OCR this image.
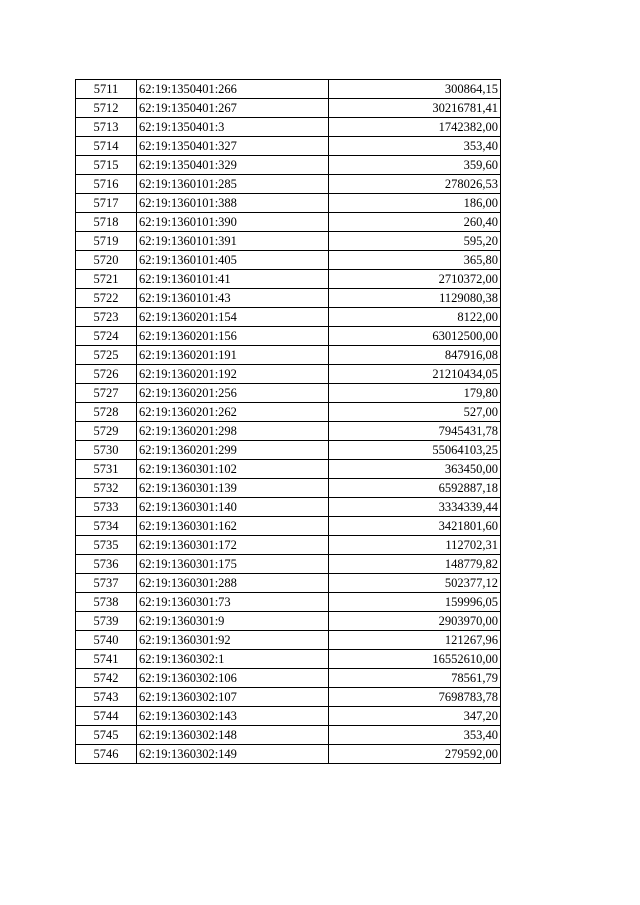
5711	62:19:1350401:266	300864,15
5712	62:19:1350401:267	30216781,41
5713	62:19:1350401:3	1742382,00
5714	62:19:1350401:327	353,40
5715	62:19:1350401:329	359,60
5716	62:19:1360101:285	278026,53
5717	62:19:1360101:388	186,00
5718	62:19:1360101:390	260,40
5719	62:19:1360101:391	595,20
5720	62:19:1360101:405	365,80
5721	62:19:1360101:41	2710372,00
5722	62:19:1360101:43	1129080,38
5723	62:19:1360201:154	8122,00
5724	62:19:1360201:156	63012500,00
5725	62:19:1360201:191	847916,08
5726	62:19:1360201:192	21210434,05
5727	62:19:1360201:256	179,80
5728	62:19:1360201:262	527,00
5729	62:19:1360201:298	7945431,78
5730	62:19:1360201:299	55064103,25
5731	62:19:1360301:102	363450,00
5732	62:19:1360301:139	6592887,18
5733	62:19:1360301:140	3334339,44
5734	62:19:1360301:162	3421801,60
5735	62:19:1360301:172	112702,31
5736	62:19:1360301:175	148779,82
5737	62:19:1360301:288	502377,12
5738	62:19:1360301:73	159996,05
5739	62:19:1360301:9	2903970,00
5740	62:19:1360301:92	121267,96
5741	62:19:1360302:1	16552610,00
5742	62:19:1360302:106	78561,79
5743	62:19:1360302:107	7698783,78
5744	62:19:1360302:143	347,20
5745	62:19:1360302:148	353,40
5746	62:19:1360302:149	279592,00
